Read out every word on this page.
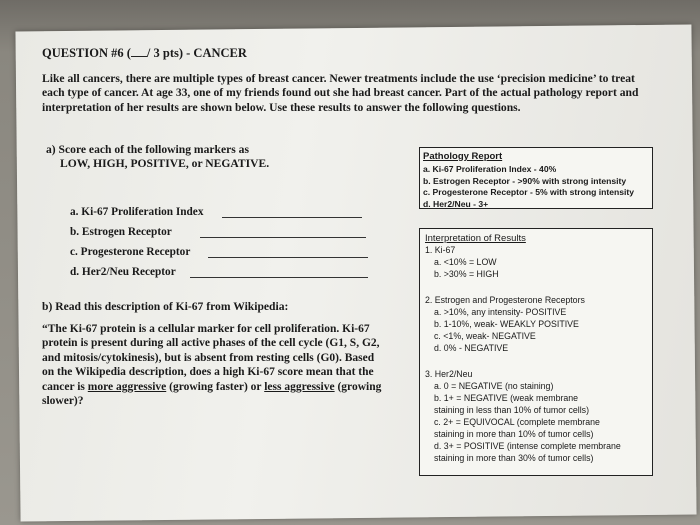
QUESTION #6 ( / 3 pts) - CANCER
Like all cancers, there are multiple types of breast cancer. Newer treatments include the use ‘precision medicine’ to treat each type of cancer. At age 33, one of my friends found out she had breast cancer. Part of the actual pathology report and interpretation of her results are shown below. Use these results to answer the following questions.
a) Score each of the following markers as
LOW, HIGH, POSITIVE, or NEGATIVE.
a. Ki-67 Proliferation Index
b. Estrogen Receptor
c. Progesterone Receptor
d. Her2/Neu Receptor
b) Read this description of Ki-67 from Wikipedia:
“The Ki-67 protein is a cellular marker for cell proliferation. Ki-67 protein is present during all active phases of the cell cycle (G1, S, G2, and mitosis/cytokinesis), but is absent from resting cells (G0). Based on the Wikipedia description, does a high Ki-67 score mean that the cancer is more aggressive (growing faster) or less aggressive (growing slower)?
Pathology Report
a. Ki-67 Proliferation Index - 40%
b. Estrogen Receptor - >90% with strong intensity
c. Progesterone Receptor - 5% with strong intensity
d. Her2/Neu - 3+
Interpretation of Results
1. Ki-67
a. <10% = LOW
b. >30% = HIGH
2. Estrogen and Progesterone Receptors
a. >10%, any intensity- POSITIVE
b. 1-10%, weak- WEAKLY POSITIVE
c. <1%, weak- NEGATIVE
d. 0% - NEGATIVE
3. Her2/Neu
a. 0 = NEGATIVE (no staining)
b. 1+ = NEGATIVE (weak membrane
staining in less than 10% of tumor cells)
c. 2+ = EQUIVOCAL (complete membrane
staining in more than 10% of tumor cells)
d. 3+ = POSITIVE (intense complete membrane
staining in more than 30% of tumor cells)
